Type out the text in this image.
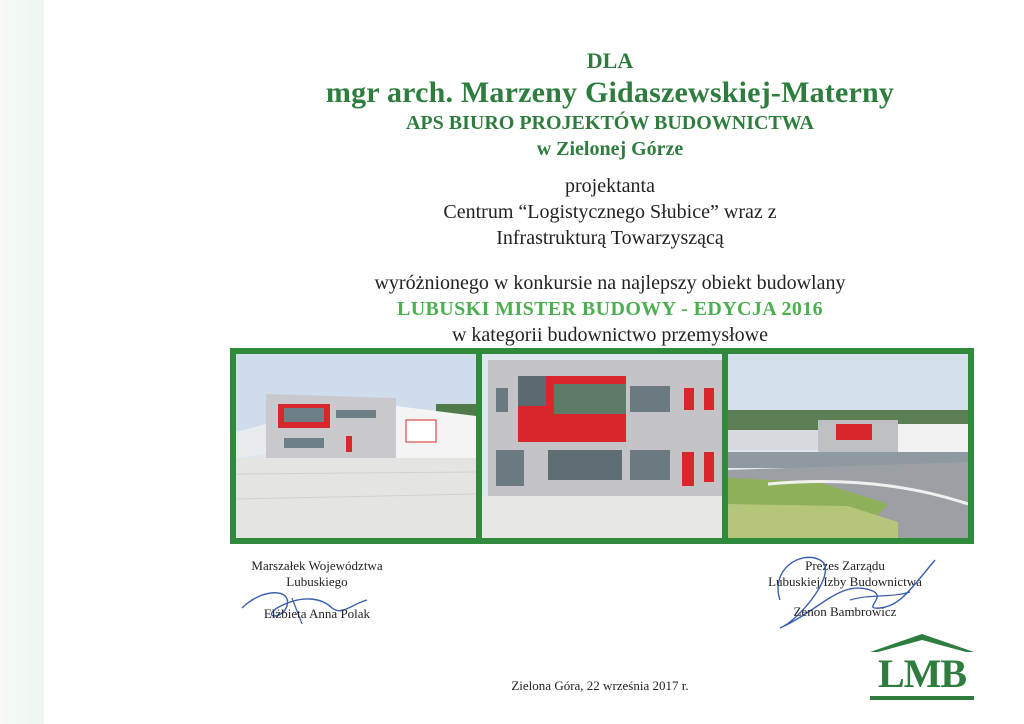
DLA
mgr arch. Marzeny Gidaszewskiej-Materny
APS BIURO PROJEKTÓW BUDOWNICTWA
w Zielonej Górze
projektanta
Centrum “Logistycznego Słubice” wraz z
Infrastrukturą Towarzyszącą
wyróżnionego w konkursie na najlepszy obiekt budowlany
LUBUSKI MISTER BUDOWY - EDYCJA 2016
w kategorii budownictwo przemysłowe
Marszałek Województwa
Lubuskiego
Elżbieta Anna Polak
Prezes Zarządu
Lubuskiej Izby Budownictwa
Zenon Bambrowicz
Zielona Góra, 22 września 2017 r.	LMB
